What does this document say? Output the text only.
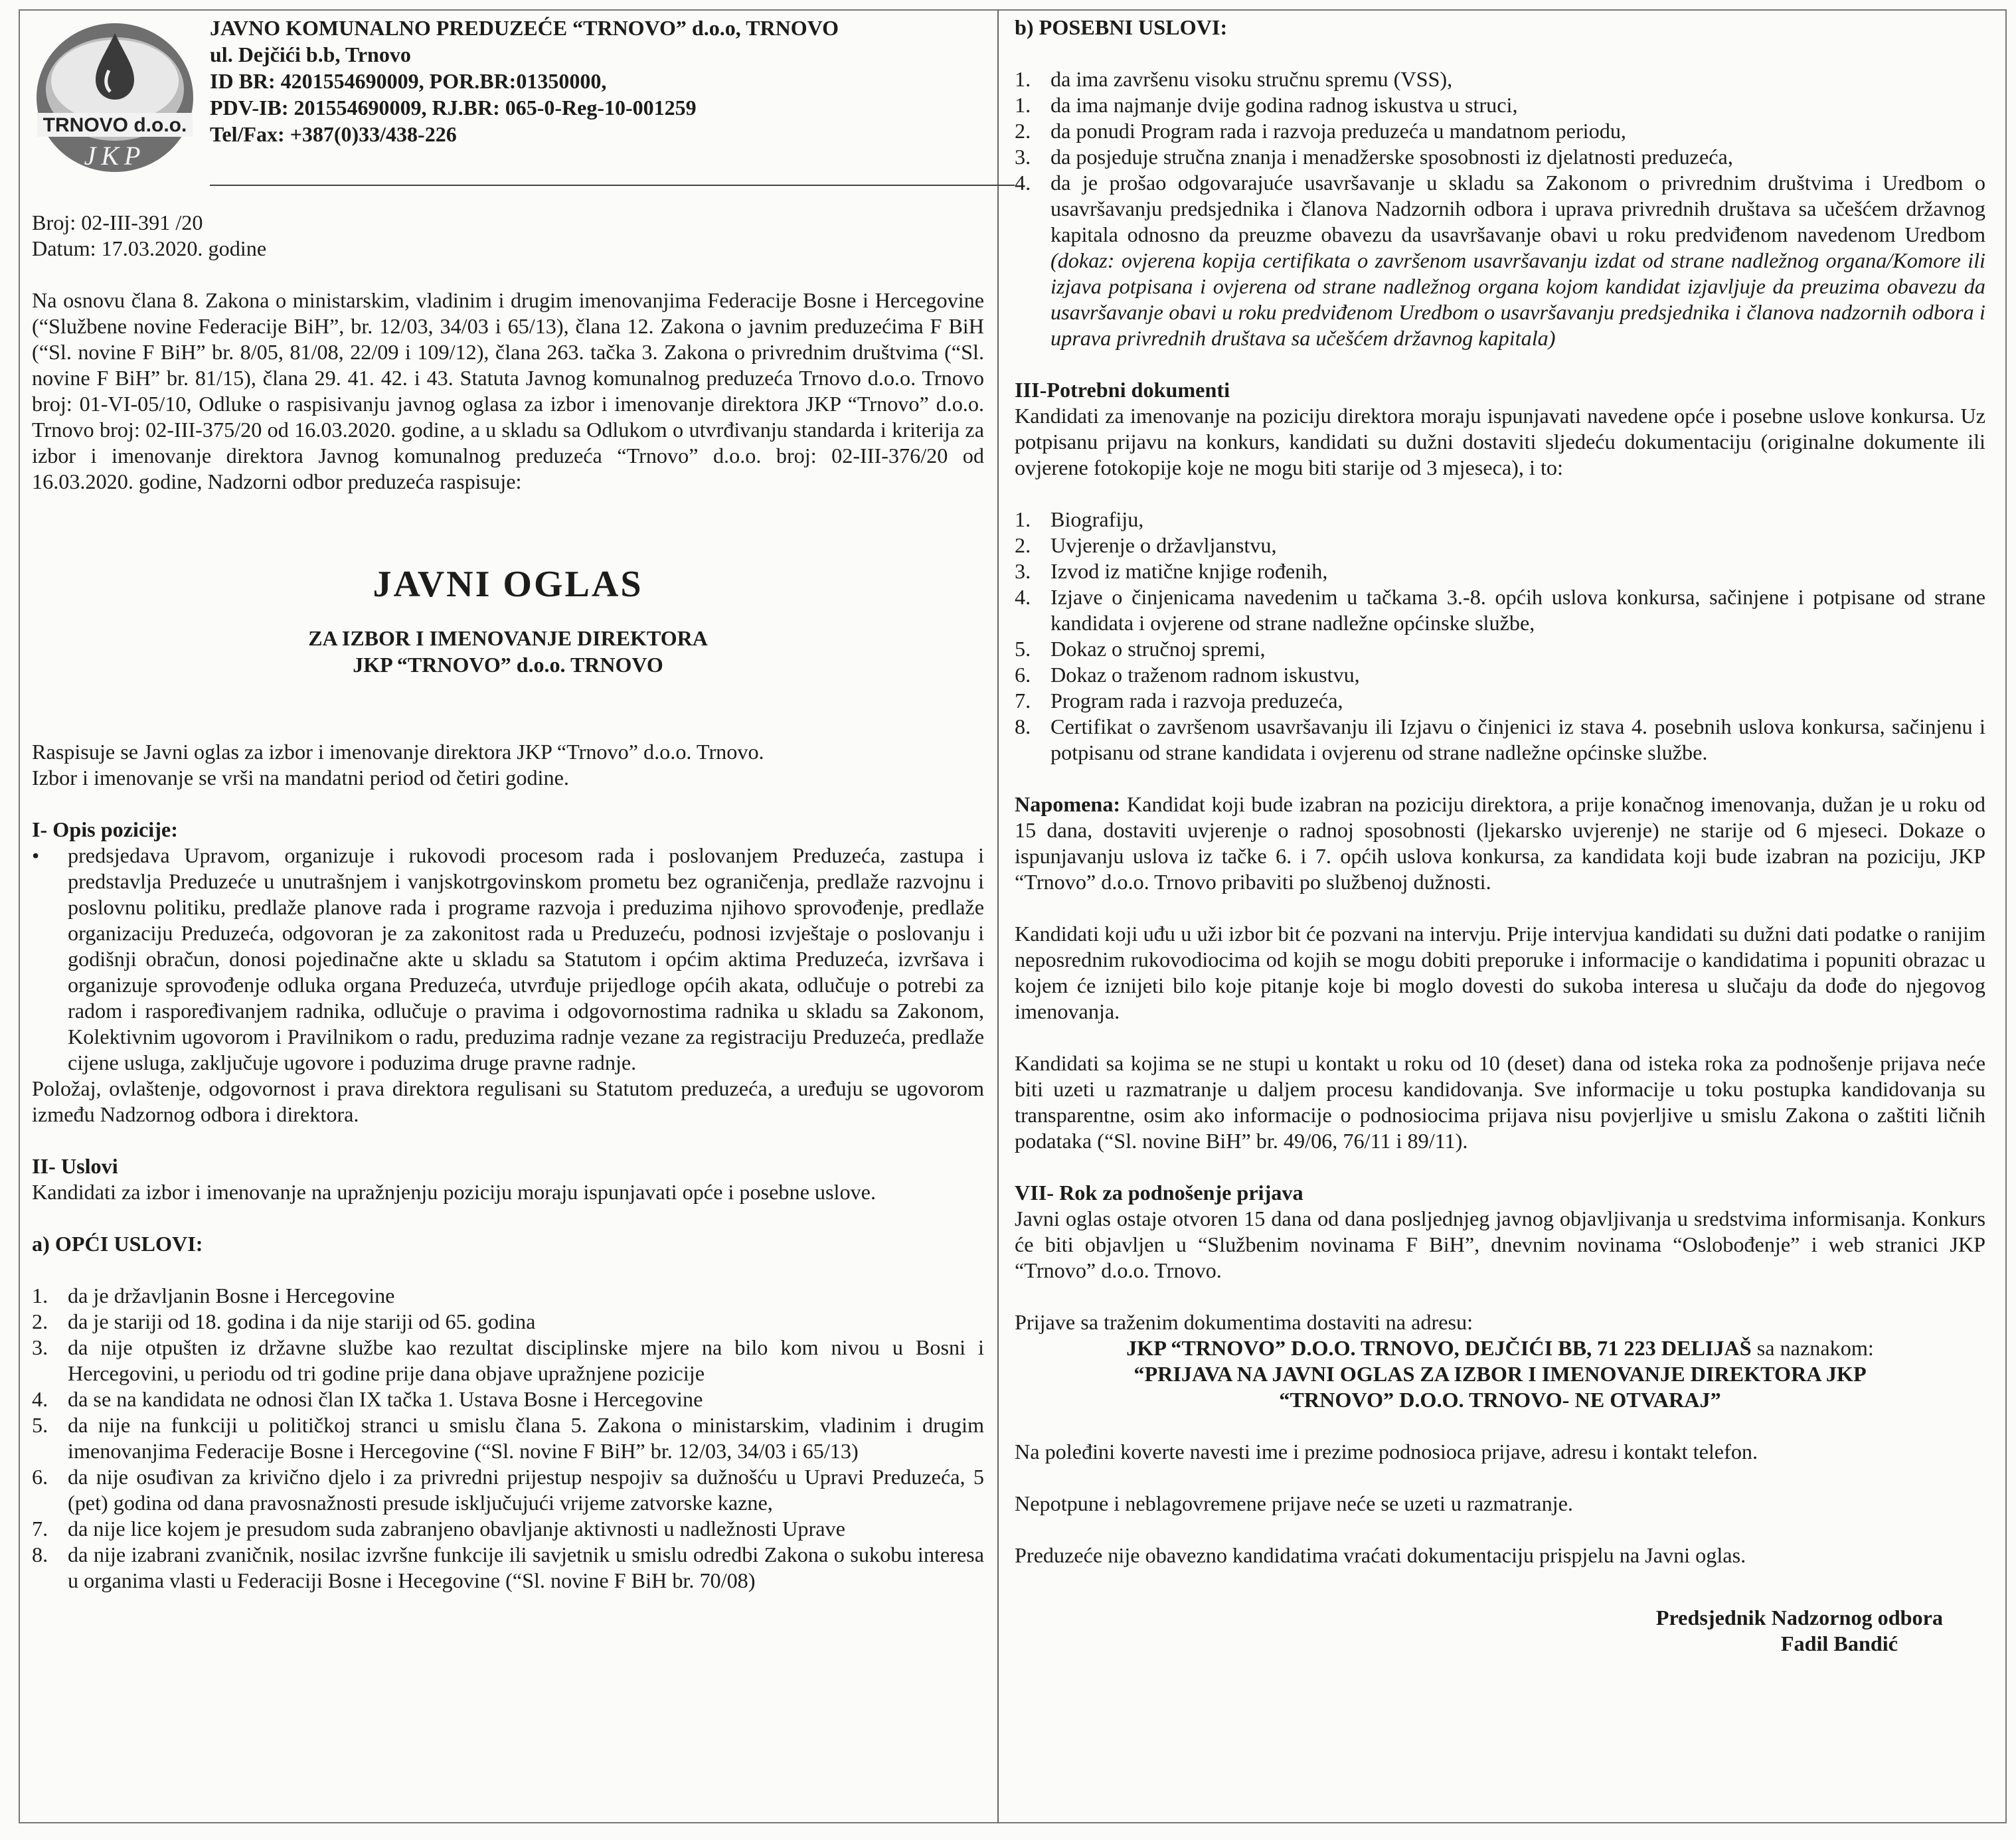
TRNOVO d.o.o.
JKP
JAVNO KOMUNALNO PREDUZEĆE “TRNOVO” d.o.o, TRNOVO
ul. Dejčići b.b, Trnovo
ID BR: 4201554690009, POR.BR:01350000,
PDV-IB: 201554690009, RJ.BR: 065-0-Reg-10-001259
Tel/Fax: +387(0)33/438-226

Broj: 02-III-391 /20

Datum: 17.03.2020. godine

Na osnovu člana 8. Zakona o ministarskim, vladinim i drugim imenovanjima Federacije Bosne i Hercegovine (“Službene novine Federacije BiH”, br. 12/03, 34/03 i 65/13), člana 12. Zakona o javnim preduzećima F BiH (“Sl. novine F BiH” br. 8/05, 81/08, 22/09 i 109/12), člana 263. tačka 3. Zakona o privrednim društvima (“Sl. novine F BiH” br. 81/15), člana 29. 41. 42. i 43. Statuta Javnog komunalnog preduzeća Trnovo d.o.o. Trnovo broj: 01-VI-05/10, Odluke o raspisivanju javnog oglasa za izbor i imenovanje direktora JKP “Trnovo” d.o.o. Trnovo broj: 02-III-375/20 od 16.03.2020. godine, a u skladu sa Odlukom o utvrđivanju standarda i kriterija za izbor i imenovanje direktora Javnog komunalnog preduzeća “Trnovo” d.o.o. broj: 02-III-376/20 od 16.03.2020. godine, Nadzorni odbor preduzeća raspisuje:

JAVNI OGLAS
ZA IZBOR I IMENOVANJE DIREKTORA
JKP “TRNOVO” d.o.o. TRNOVO

Raspisuje se Javni oglas za izbor i imenovanje direktora JKP “Trnovo” d.o.o. Trnovo.

Izbor i imenovanje se vrši na mandatni period od četiri godine.

I- Opis pozicije:

• predsjedava Upravom, organizuje i rukovodi procesom rada i poslovanjem Preduzeća, zastupa i predstavlja Preduzeće u unutrašnjem i vanjskotrgovinskom prometu bez ograničenja, predlaže razvojnu i poslovnu politiku, predlaže planove rada i programe razvoja i preduzima njihovo sprovođenje, predlaže organizaciju Preduzeća, odgovoran je za zakonitost rada u Preduzeću, podnosi izvještaje o poslovanju i godišnji obračun, donosi pojedinačne akte u skladu sa Statutom i općim aktima Preduzeća, izvršava i organizuje sprovođenje odluka organa Preduzeća, utvrđuje prijedloge općih akata, odlučuje o potrebi za radom i raspoređivanjem radnika, odlučuje o pravima i odgovornostima radnika u skladu sa Zakonom, Kolektivnim ugovorom i Pravilnikom o radu, preduzima radnje vezane za registraciju Preduzeća, predlaže cijene usluga, zaključuje ugovore i poduzima druge pravne radnje.

Položaj, ovlaštenje, odgovornost i prava direktora regulisani su Statutom preduzeća, a uređuju se ugovorom između Nadzornog odbora i direktora.

II- Uslovi

Kandidati za izbor i imenovanje na upražnjenju poziciju moraju ispunjavati opće i posebne uslove.

a) OPĆI USLOVI:

1. da je državljanin Bosne i Hercegovine
2. da je stariji od 18. godina i da nije stariji od 65. godina
3. da nije otpušten iz državne službe kao rezultat disciplinske mjere na bilo kom nivou u Bosni i Hercegovini, u periodu od tri godine prije dana objave upražnjene pozicije
4. da se na kandidata ne odnosi član IX tačka 1. Ustava Bosne i Hercegovine
5. da nije na funkciji u političkoj stranci u smislu člana 5. Zakona o ministarskim, vladinim i drugim imenovanjima Federacije Bosne i Hercegovine (“Sl. novine F BiH” br. 12/03, 34/03 i 65/13)
6. da nije osuđivan za krivično djelo i za privredni prijestup nespojiv sa dužnošću u Upravi Preduzeća, 5 (pet) godina od dana pravosnažnosti presude isključujući vrijeme zatvorske kazne,
7. da nije lice kojem je presudom suda zabranjeno obavljanje aktivnosti u nadležnosti Uprave
8. da nije izabrani zvaničnik, nosilac izvršne funkcije ili savjetnik u smislu odredbi Zakona o sukobu interesa u organima vlasti u Federaciji Bosne i Hecegovine (“Sl. novine F BiH br. 70/08)

b) POSEBNI USLOVI:

1. da ima završenu visoku stručnu spremu (VSS),
1. da ima najmanje dvije godina radnog iskustva u struci,
2. da ponudi Program rada i razvoja preduzeća u mandatnom periodu,
3. da posjeduje stručna znanja i menadžerske sposobnosti iz djelatnosti preduzeća,
4. da je prošao odgovarajuće usavršavanje u skladu sa Zakonom o privrednim društvima i Uredbom o usavršavanju predsjednika i članova Nadzornih odbora i uprava privrednih društava sa učešćem državnog kapitala odnosno da preuzme obavezu da usavršavanje obavi u roku predviđenom navedenom Uredbom (dokaz: ovjerena kopija certifikata o završenom usavršavanju izdat od strane nadležnog organa/Komore ili izjava potpisana i ovjerena od strane nadležnog organa kojom kandidat izjavljuje da preuzima obavezu da usavršavanje obavi u roku predviđenom Uredbom o usavršavanju predsjednika i članova nadzornih odbora i uprava privrednih društava sa učešćem državnog kapitala)

III-Potrebni dokumenti

Kandidati za imenovanje na poziciju direktora moraju ispunjavati navedene opće i posebne uslove konkursa. Uz potpisanu prijavu na konkurs, kandidati su dužni dostaviti sljedeću dokumentaciju (originalne dokumente ili ovjerene fotokopije koje ne mogu biti starije od 3 mjeseca), i to:

1. Biografiju,
2. Uvjerenje o državljanstvu,
3. Izvod iz matične knjige rođenih,
4. Izjave o činjenicama navedenim u tačkama 3.-8. općih uslova konkursa, sačinjene i potpisane od strane kandidata i ovjerene od strane nadležne općinske službe,
5. Dokaz o stručnoj spremi,
6. Dokaz o traženom radnom iskustvu,
7. Program rada i razvoja preduzeća,
8. Certifikat o završenom usavršavanju ili Izjavu o činjenici iz stava 4. posebnih uslova konkursa, sačinjenu i potpisanu od strane kandidata i ovjerenu od strane nadležne općinske službe.

Napomena: Kandidat koji bude izabran na poziciju direktora, a prije konačnog imenovanja, dužan je u roku od 15 dana, dostaviti uvjerenje o radnoj sposobnosti (ljekarsko uvjerenje) ne starije od 6 mjeseci. Dokaze o ispunjavanju uslova iz tačke 6. i 7. općih uslova konkursa, za kandidata koji bude izabran na poziciju, JKP “Trnovo” d.o.o. Trnovo pribaviti po službenoj dužnosti.

Kandidati koji uđu u uži izbor bit će pozvani na intervju. Prije intervjua kandidati su dužni dati podatke o ranijim neposrednim rukovodiocima od kojih se mogu dobiti preporuke i informacije o kandidatima i popuniti obrazac u kojem će iznijeti bilo koje pitanje koje bi moglo dovesti do sukoba interesa u slučaju da dođe do njegovog imenovanja.

Kandidati sa kojima se ne stupi u kontakt u roku od 10 (deset) dana od isteka roka za podnošenje prijava neće biti uzeti u razmatranje u daljem procesu kandidovanja. Sve informacije u toku postupka kandidovanja su transparentne, osim ako informacije o podnosiocima prijava nisu povjerljive u smislu Zakona o zaštiti ličnih podataka (“Sl. novine BiH” br. 49/06, 76/11 i 89/11).

VII- Rok za podnošenje prijava

Javni oglas ostaje otvoren 15 dana od dana posljednjeg javnog objavljivanja u sredstvima informisanja. Konkurs će biti objavljen u “Službenim novinama F BiH”, dnevnim novinama “Oslobođenje” i web stranici JKP “Trnovo” d.o.o. Trnovo.

Prijave sa traženim dokumentima dostaviti na adresu:

JKP “TRNOVO” D.O.O. TRNOVO, DEJČIĆI BB, 71 223 DELIJAŠ sa naznakom:

“PRIJAVA NA JAVNI OGLAS ZA IZBOR I IMENOVANJE DIREKTORA JKP

“TRNOVO” D.O.O. TRNOVO- NE OTVARAJ”

Na poleđini koverte navesti ime i prezime podnosioca prijave, adresu i kontakt telefon.

Nepotpune i neblagovremene prijave neće se uzeti u razmatranje.

Preduzeće nije obavezno kandidatima vraćati dokumentaciju prispjelu na Javni oglas.

Predsjednik Nadzornog odbora

Fadil Bandić
